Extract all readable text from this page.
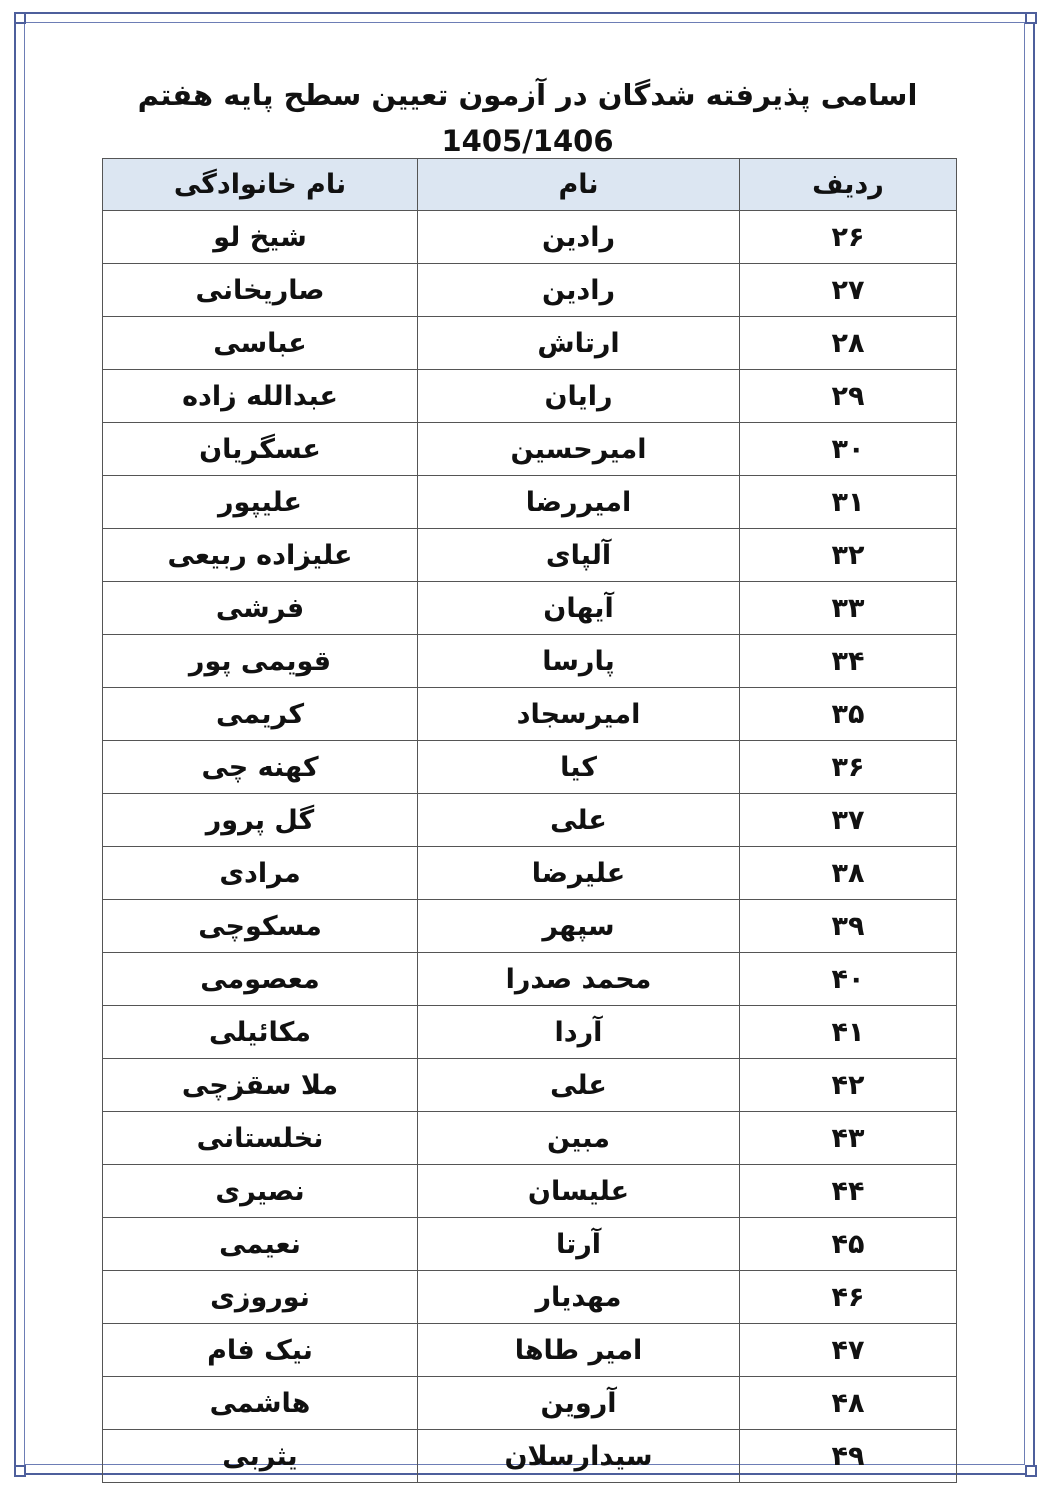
اسامی پذیرفته شدگان در آزمون تعیین سطح پایه هفتم 1405/1406
ردیف	نام	نام خانوادگی
۲۶	رادین	شیخ لو
۲۷	رادین	صاریخانی
۲۸	ارتاش	عباسی
۲۹	رایان	عبدالله زاده
۳۰	امیرحسین	عسگریان
۳۱	امیررضا	علیپور
۳۲	آلپای	علیزاده ربیعی
۳۳	آیهان	فرشی
۳۴	پارسا	قویمی پور
۳۵	امیرسجاد	کریمی
۳۶	کیا	کهنه چی
۳۷	علی	گل پرور
۳۸	علیرضا	مرادی
۳۹	سپهر	مسکوچی
۴۰	محمد صدرا	معصومی
۴۱	آردا	مکائیلی
۴۲	علی	ملا سقزچی
۴۳	مبین	نخلستانی
۴۴	علیسان	نصیری
۴۵	آرتا	نعیمی
۴۶	مهدیار	نوروزی
۴۷	امیر طاها	نیک فام
۴۸	آروین	هاشمی
۴۹	سیدارسلان	یثربی
